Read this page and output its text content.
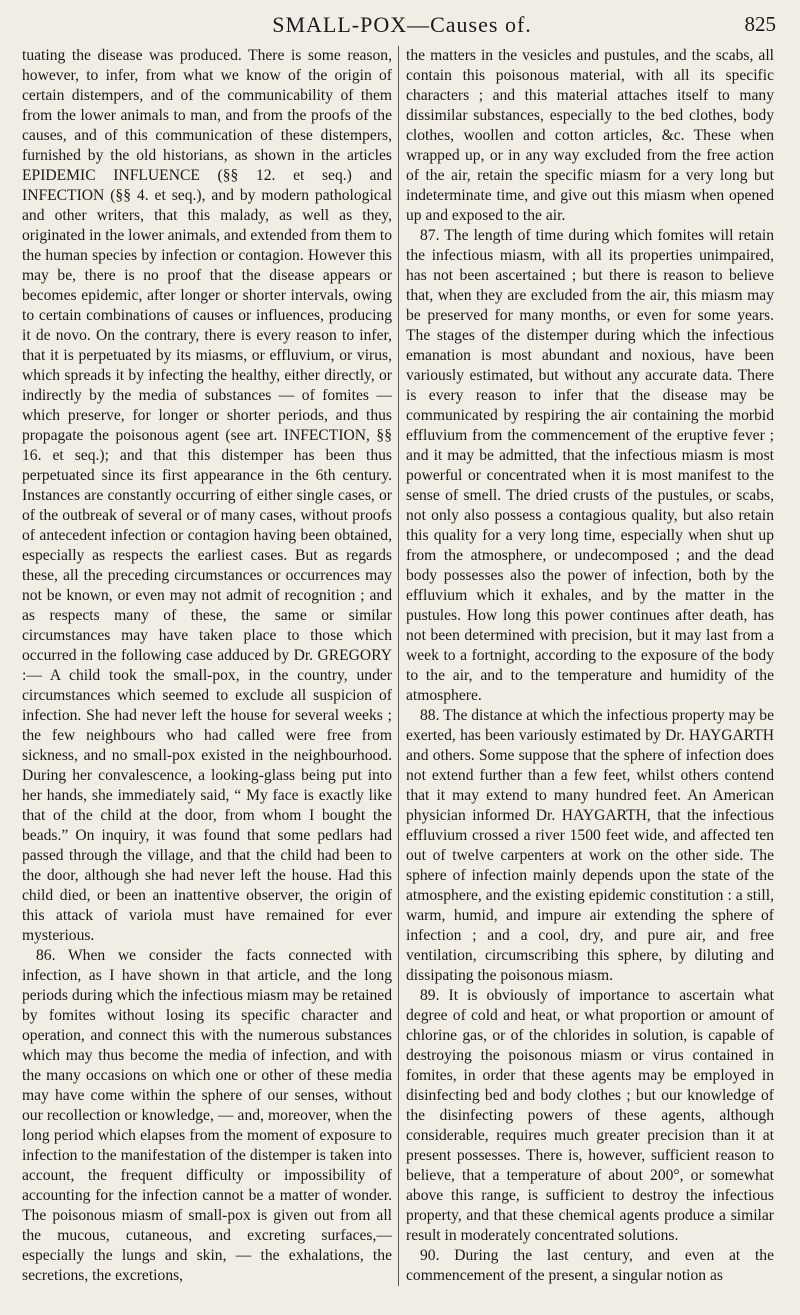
SMALL-POX—Causes of.	825

tuating the disease was produced. There is some reason, however, to infer, from what we know of the origin of certain distempers, and of the communicability of them from the lower animals to man, and from the proofs of the causes, and of this communication of these distempers, furnished by the old historians, as shown in the articles EPIDEMIC INFLUENCE (§§ 12. et seq.) and INFECTION (§§ 4. et seq.), and by modern pathological and other writers, that this malady, as well as they, originated in the lower animals, and extended from them to the human species by infection or contagion. However this may be, there is no proof that the disease appears or becomes epidemic, after longer or shorter intervals, owing to certain combinations of causes or influences, producing it de novo. On the contrary, there is every reason to infer, that it is perpetuated by its miasms, or effluvium, or virus, which spreads it by infecting the healthy, either directly, or indirectly by the media of substances — of fomites — which preserve, for longer or shorter periods, and thus propagate the poisonous agent (see art. INFECTION, §§ 16. et seq.); and that this distemper has been thus perpetuated since its first appearance in the 6th century. Instances are constantly occurring of either single cases, or of the outbreak of several or of many cases, without proofs of antecedent infection or contagion having been obtained, especially as respects the earliest cases. But as regards these, all the preceding circumstances or occurrences may not be known, or even may not admit of recognition ; and as respects many of these, the same or similar circumstances may have taken place to those which occurred in the following case adduced by Dr. GREGORY :— A child took the small-pox, in the country, under circumstances which seemed to exclude all suspicion of infection. She had never left the house for several weeks ; the few neighbours who had called were free from sickness, and no small-pox existed in the neighbourhood. During her convalescence, a looking-glass being put into her hands, she immediately said, “ My face is exactly like that of the child at the door, from whom I bought the beads.” On inquiry, it was found that some pedlars had passed through the village, and that the child had been to the door, although she had never left the house. Had this child died, or been an inattentive observer, the origin of this attack of variola must have remained for ever mysterious.

86. When we consider the facts connected with infection, as I have shown in that article, and the long periods during which the infectious miasm may be retained by fomites without losing its specific character and operation, and connect this with the numerous substances which may thus become the media of infection, and with the many occasions on which one or other of these media may have come within the sphere of our senses, without our recollection or knowledge, — and, moreover, when the long period which elapses from the moment of exposure to infection to the manifestation of the distemper is taken into account, the frequent difficulty or impossibility of accounting for the infection cannot be a matter of wonder. The poisonous miasm of small-pox is given out from all the mucous, cutaneous, and excreting surfaces,—especially the lungs and skin, — the exhalations, the secretions, the excretions,

the matters in the vesicles and pustules, and the scabs, all contain this poisonous material, with all its specific characters ; and this material attaches itself to many dissimilar substances, especially to the bed clothes, body clothes, woollen and cotton articles, &c. These when wrapped up, or in any way excluded from the free action of the air, retain the specific miasm for a very long but indeterminate time, and give out this miasm when opened up and exposed to the air.

87. The length of time during which fomites will retain the infectious miasm, with all its properties unimpaired, has not been ascertained ; but there is reason to believe that, when they are excluded from the air, this miasm may be preserved for many months, or even for some years. The stages of the distemper during which the infectious emanation is most abundant and noxious, have been variously estimated, but without any accurate data. There is every reason to infer that the disease may be communicated by respiring the air containing the morbid effluvium from the commencement of the eruptive fever ; and it may be admitted, that the infectious miasm is most powerful or concentrated when it is most manifest to the sense of smell. The dried crusts of the pustules, or scabs, not only also possess a contagious quality, but also retain this quality for a very long time, especially when shut up from the atmosphere, or undecomposed ; and the dead body possesses also the power of infection, both by the effluvium which it exhales, and by the matter in the pustules. How long this power continues after death, has not been determined with precision, but it may last from a week to a fortnight, according to the exposure of the body to the air, and to the temperature and humidity of the atmosphere.

88. The distance at which the infectious property may be exerted, has been variously estimated by Dr. HAYGARTH and others. Some suppose that the sphere of infection does not extend further than a few feet, whilst others contend that it may extend to many hundred feet. An American physician informed Dr. HAYGARTH, that the infectious effluvium crossed a river 1500 feet wide, and affected ten out of twelve carpenters at work on the other side. The sphere of infection mainly depends upon the state of the atmosphere, and the existing epidemic constitution : a still, warm, humid, and impure air extending the sphere of infection ; and a cool, dry, and pure air, and free ventilation, circumscribing this sphere, by diluting and dissipating the poisonous miasm.

89. It is obviously of importance to ascertain what degree of cold and heat, or what proportion or amount of chlorine gas, or of the chlorides in solution, is capable of destroying the poisonous miasm or virus contained in fomites, in order that these agents may be employed in disinfecting bed and body clothes ; but our knowledge of the disinfecting powers of these agents, although considerable, requires much greater precision than it at present possesses. There is, however, sufficient reason to believe, that a temperature of about 200°, or somewhat above this range, is sufficient to destroy the infectious property, and that these chemical agents produce a similar result in moderately concentrated solutions.

90. During the last century, and even at the commencement of the present, a singular notion as
